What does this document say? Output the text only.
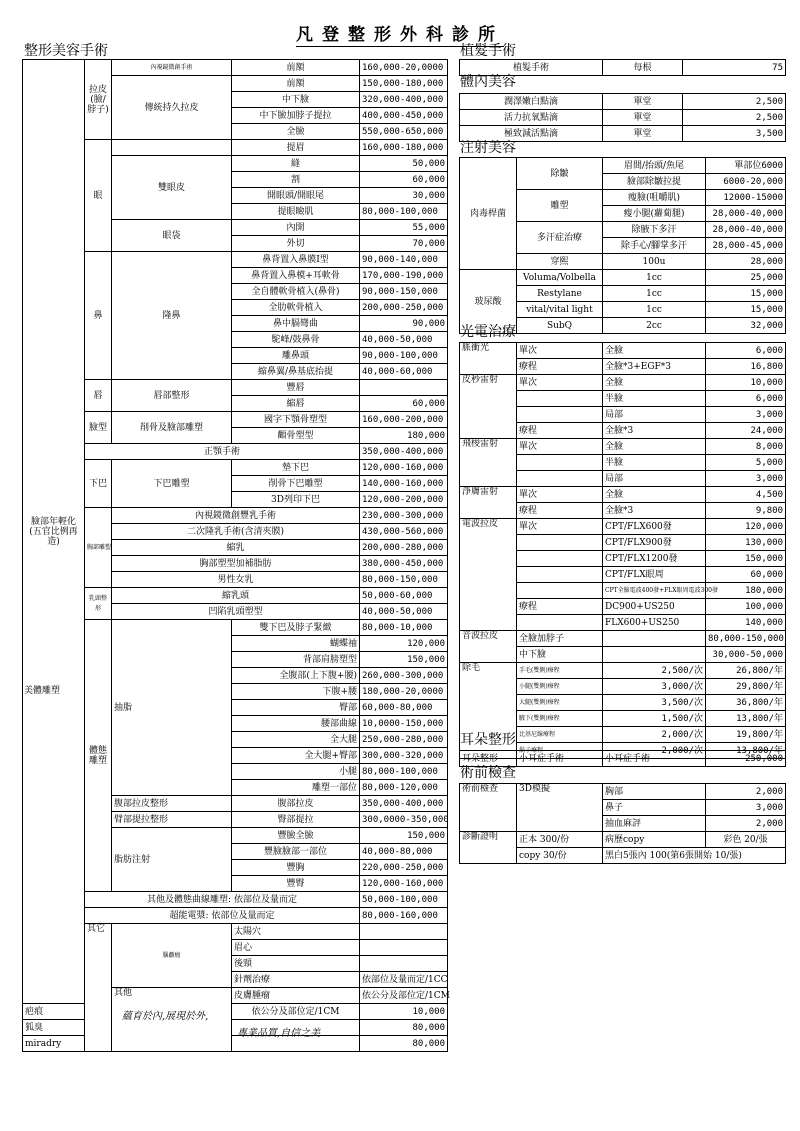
凡登整形外科診所
整形美容手術	植髮手術
體內美容
注射美容
光電治療
耳朵整形
術前檢查
臉部年輕化(五官比例再造)	拉皮(臉/脖子)	內視鏡微創手術	前額	160,000-20,0000	
		傳統持久拉皮	前額	150,000-180,000	
			中下臉	320,000-400,000	
			中下臉加脖子提拉	400,000-450,000	
			全臉	550,000-650,000	
	眼		提眉	160,000-180,000	
		雙眼皮	縫	50,000	
			割	60,000	
			開眼頭/開眼尾	30,000	
			提眼瞼肌	80,000-100,000	
		眼袋	內開	55,000	
			外切	70,000	
	鼻	隆鼻	鼻背置入鼻膜I型	90,000-140,000	
			鼻背置入鼻模+耳軟骨	170,000-190,000	
			全自體軟骨植入(鼻骨)	90,000-150,000	
			全肋軟骨植入	200,000-250,000	
			鼻中膈彎曲	90,000	
			駝峰/鼓鼻骨	40,000-50,000	
			雕鼻頭	90,000-100,000	
			縮鼻翼/鼻基底抬提	40,000-60,000	
	唇	唇部整形	豐唇		
			縮唇	60,000	
	臉型	削骨及臉部雕塑	國字下顎骨塑型	160,000-200,000	
			顴骨塑型	180,000	
	正顎手術			350,000-400,000	
	下巴	下巴雕塑	墊下巴	120,000-160,000	
			削骨下巴雕塑	140,000-160,000	
			3D列印下巴	120,000-200,000	
	胸部雕塑	內視鏡微創豐乳手術		230,000-300,000	
		二次隆乳手術(含清夾膜)		430,000-560,000	
		縮乳		200,000-280,000	
		胸部塑型加補脂肪		380,000-450,000	
		男性女乳		80,000-150,000	
	乳頭整形	縮乳頭		50,000-60,000	
		凹陷乳頭塑型		40,000-50,000	
	體態雕塑	抽脂	雙下巴及脖子緊緻	80,000-10,000	
			蝴蝶袖	120,000	
			背部肩膀塑型	150,000	
			全腹部(上下腹+腰)	260,000-300,000	
			下腹+腰	180,000-20,0000	
			臀部	60,000-80,000	
			腰部曲線	10,0000-150,000	
			全大腿	250,000-280,000	
			全大腿+臀部	300,000-320,000	
			小腿	80,000-100,000	
			雕塑一部位	80,000-120,000	
		腹部拉皮整形	腹部拉皮	350,000-400,000	
		臂部提拉整形	臀部提拉	300,0000-350,000	
		脂肪注射	豐臉全臉	150,000	
			豐臉臉部一部位	40,000-80,000	
			豐胸	220,000-250,000	
			豐臀	120,000-160,000	
	其他及體態曲線雕塑: 依部位及量而定			50,000-100,000	
	超能電漿: 依部位及量而定			80,000-160,000	
	其它	腦顱瘤	太陽穴		
			眉心		
			後頸		
			針劑治療	依部位及量而定/1CC	
		其他	皮膚腫瘤	依公分及部位定/1CM	
疤痕			依公分及部位定/1CM	10,000	
狐臭				80,000	
miradry				80,000	
美體雕塑
植髮手術	每根	75
潤澤嫩白點滴	單堂	2,500
活力抗氧點滴	單堂	2,500
極致減活點滴	單堂	3,500
肉毒桿菌	除皺	眉間/抬頭/魚尾	單部位6000
		臉部除皺拉提	6000-20,000
	雕塑	瘦臉(咀嚼肌)	12000-15000
		瘦小腿(蘿蔔腿)	28,000-40,000
	多汗症治療	除腋下多汗	28,000-40,000
		除手心/腳掌多汗	28,000-45,000
	穿熙	100u	28,000
玻尿酸	Voluma/Volbella	1cc	25,000
	Restylane	1cc	15,000
	vital/vital light	1cc	15,000
	SubQ	2cc	32,000
脈衝光	單次	全臉	6,000
	療程	全臉*3+EGF*3	16,800
皮秒雷射	單次	全臉	10,000
		半臉	6,000
		局部	3,000
	療程	全臉*3	24,000
飛梭雷射	單次	全臉	8,000
		半臉	5,000
		局部	3,000
淨膚雷射	單次	全臉	4,500
	療程	全臉*3	9,800
電波拉皮	單次	CPT/FLX600發	120,000
		CPT/FLX900發	130,000
		CPT/FLX1200發	150,000
		CPT/FLX眼周	60,000
		CPT全臉電波400發+FLX眼周電波300發	180,000
	療程	DC900+US250	100,000
		FLX600+US250	140,000
音波拉皮	全臉加脖子		80,000-150,000
	中下臉		30,000-50,000
除毛	手毛(雙側)療程	2,500/次	26,800/年
	小腿(雙側)療程	3,000/次	29,800/年
	大腿(雙側)療程	3,500/次	36,800/年
	腋下(雙側)療程	1,500/次	13,800/年
	比基尼線療程	2,000/次	19,800/年
	鬍子療程	2,000/次	13,800/年
耳朵整形	小耳症手術	小耳症手術	250,000
術前檢查	3D模擬	胸部	2,000
		鼻子	3,000
		抽血麻評	2,000
診斷證明	正本 300/份	病歷copy	彩色 20/張
	copy 30/份	黑白5張內 100(第6張開始 10/張)	
蘊育於內,展現於外,
專業品質,自信之美
